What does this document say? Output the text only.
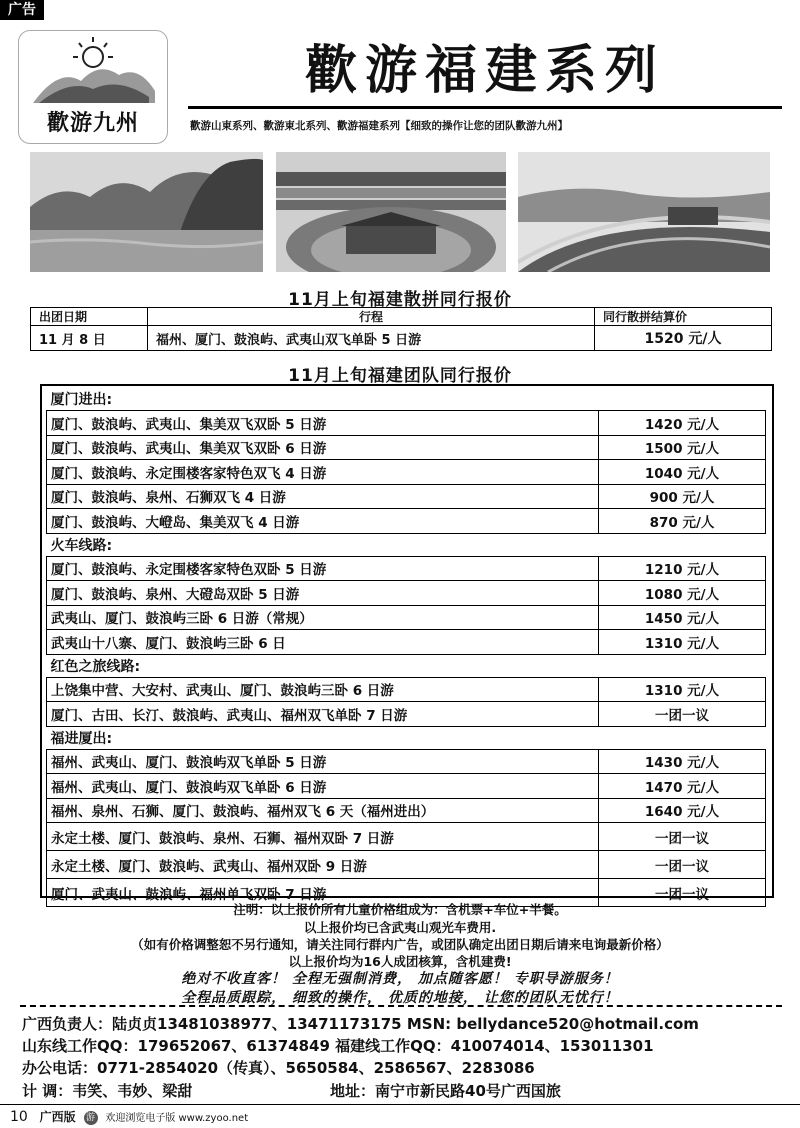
广告
歡游九州
歡游福建系列
歡游山東系列、歡游東北系列、歡游福建系列【细致的操作让您的团队歡游九州】
11月上旬福建散拼同行报价
出团日期	行程	同行散拼结算价
11 月 8 日	福州、厦门、鼓浪屿、武夷山双飞单卧 5 日游	1520 元/人
11月上旬福建团队同行报价
厦门进出:	
厦门、鼓浪屿、武夷山、集美双飞双卧 5 日游	1420 元/人
厦门、鼓浪屿、武夷山、集美双飞双卧 6 日游	1500 元/人
厦门、鼓浪屿、永定围楼客家特色双飞 4 日游	1040 元/人
厦门、鼓浪屿、泉州、石狮双飞 4 日游	900 元/人
厦门、鼓浪屿、大嶝岛、集美双飞 4 日游	870 元/人
火车线路:	
厦门、鼓浪屿、永定围楼客家特色双卧 5 日游	1210 元/人
厦门、鼓浪屿、泉州、大磴岛双卧 5 日游	1080 元/人
武夷山、厦门、鼓浪屿三卧 6 日游（常规）	1450 元/人
武夷山十八寨、厦门、鼓浪屿三卧 6 日	1310 元/人
红色之旅线路:	
上饶集中营、大安村、武夷山、厦门、鼓浪屿三卧 6 日游	1310 元/人
厦门、古田、长汀、鼓浪屿、武夷山、福州双飞单卧 7 日游	一团一议
福进厦出:	
福州、武夷山、厦门、鼓浪屿双飞单卧 5 日游	1430 元/人
福州、武夷山、厦门、鼓浪屿双飞单卧 6 日游	1470 元/人
福州、泉州、石狮、厦门、鼓浪屿、福州双飞 6 天（福州进出）	1640 元/人
永定土楼、厦门、鼓浪屿、泉州、石狮、福州双卧 7 日游	一团一议
永定土楼、厦门、鼓浪屿、武夷山、福州双卧 9 日游	一团一议
厦门、武夷山、鼓浪屿、福州单飞双卧 7 日游	一团一议
注明：以上报价所有儿童价格组成为：含机票+车位+半餐。
以上报价均已含武夷山观光车费用.
（如有价格调整恕不另行通知，请关注同行群内广告，或团队确定出团日期后请来电询最新价格）
以上报价均为16人成团核算，含机建费!
绝对不收直客！ 全程无强制消费， 加点随客愿！ 专职导游服务！
全程品质跟踪， 细致的操作， 优质的地接， 让您的团队无忧行！
广西负责人：陆贞贞13481038977、13471173175 MSN: bellydance520@hotmail.com
山东线工作QQ：179652067、61374849 福建线工作QQ：410074014、153011301
办公电话：0771-2854020（传真）、5650584、2586567、2283086
计 调：韦笑、韦妙、梁甜	地址：南宁市新民路40号广西国旅
10 广西版 游 欢迎浏览电子版 www.zyoo.net
